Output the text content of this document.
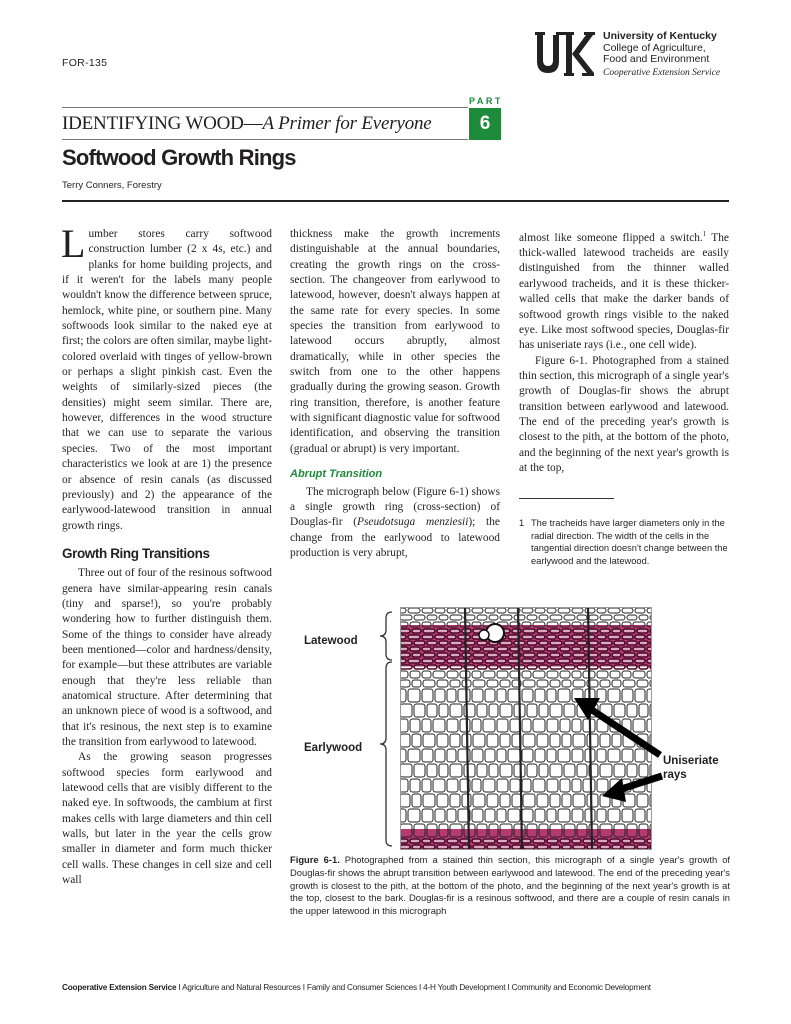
FOR-135
University of Kentucky
College of Agriculture,
Food and Environment
Cooperative Extension Service
PART
IDENTIFYING WOOD—A Primer for Everyone	6
Softwood Growth Rings
Terry Conners, Forestry

Lumber stores carry softwood construction lumber (2 x 4s, etc.) and planks for home building projects, and if it weren't for the labels many people wouldn't know the difference between spruce, hemlock, white pine, or southern pine. Many softwoods look similar to the naked eye at first; the colors are often similar, maybe light-colored overlaid with tinges of yellow-brown or perhaps a slight pinkish cast. Even the weights of similarly-sized pieces (the densities) might seem similar. There are, however, differences in the wood structure that we can use to separate the various species. Two of the most important characteristics we look at are 1) the presence or absence of resin canals (as discussed previously) and 2) the appearance of the earlywood-latewood transition in annual growth rings.

Growth Ring Transitions

Three out of four of the resinous softwood genera have similar-appearing resin canals (tiny and sparse!), so you're probably wondering how to further distinguish them. Some of the things to consider have already been mentioned—color and hardness/density, for example—but these attributes are variable enough that they're less reliable than anatomical structure. After determining that an unknown piece of wood is a softwood, and that it's resinous, the next step is to examine the transition from earlywood to latewood.

As the growing season progresses softwood species form earlywood and latewood cells that are visibly different to the naked eye. In softwoods, the cambium at first makes cells with large diameters and thin cell walls, but later in the year the cells grow smaller in diameter and form much thicker cell walls. These changes in cell size and cell wall

thickness make the growth increments distinguishable at the annual boundaries, creating the growth rings on the cross-section. The changeover from earlywood to latewood, however, doesn't always happen at the same rate for every species. In some species the transition from earlywood to latewood occurs abruptly, almost dramatically, while in other species the switch from one to the other happens gradually during the growing season. Growth ring transition, therefore, is another feature with significant diagnostic value for softwood identification, and observing the transition (gradual or abrupt) is very important.

Abrupt Transition

The micrograph below (Figure 6-1) shows a single growth ring (cross-section) of Douglas-fir (Pseudotsuga menziesii); the change from the earlywood to latewood production is very abrupt,

almost like someone flipped a switch.$^1$ The thick-walled latewood tracheids are easily distinguished from the thinner walled earlywood tracheids, and it is these thicker-walled cells that make the darker bands of softwood growth rings visible to the naked eye. Like most softwood species, Douglas-fir has uniseriate rays (i.e., one cell wide).

Figure 6-1. Photographed from a stained thin section, this micrograph of a single year's growth of Douglas-fir shows the abrupt transition between earlywood and latewood. The end of the preceding year's growth is closest to the pith, at the bottom of the photo, and the beginning of the next year's growth is at the top,

1 The tracheids have larger diameters only in the radial direction. The width of the cells in the tangential direction doesn't change between the earlywood and the latewood.
Latewood
Earlywood
Uniseriate
rays
Figure 6-1. Photographed from a stained thin section, this micrograph of a single year's growth of Douglas-fir shows the abrupt transition between earlywood and latewood. The end of the preceding year's growth is closest to the pith, at the bottom of the photo, and the beginning of the next year's growth is at the top, closest to the bark. Douglas-fir is a resinous softwood, and there are a couple of resin canals in the upper latewood in this micrograph
Cooperative Extension Service I Agriculture and Natural Resources I Family and Consumer Sciences I 4-H Youth Development I Community and Economic Development
